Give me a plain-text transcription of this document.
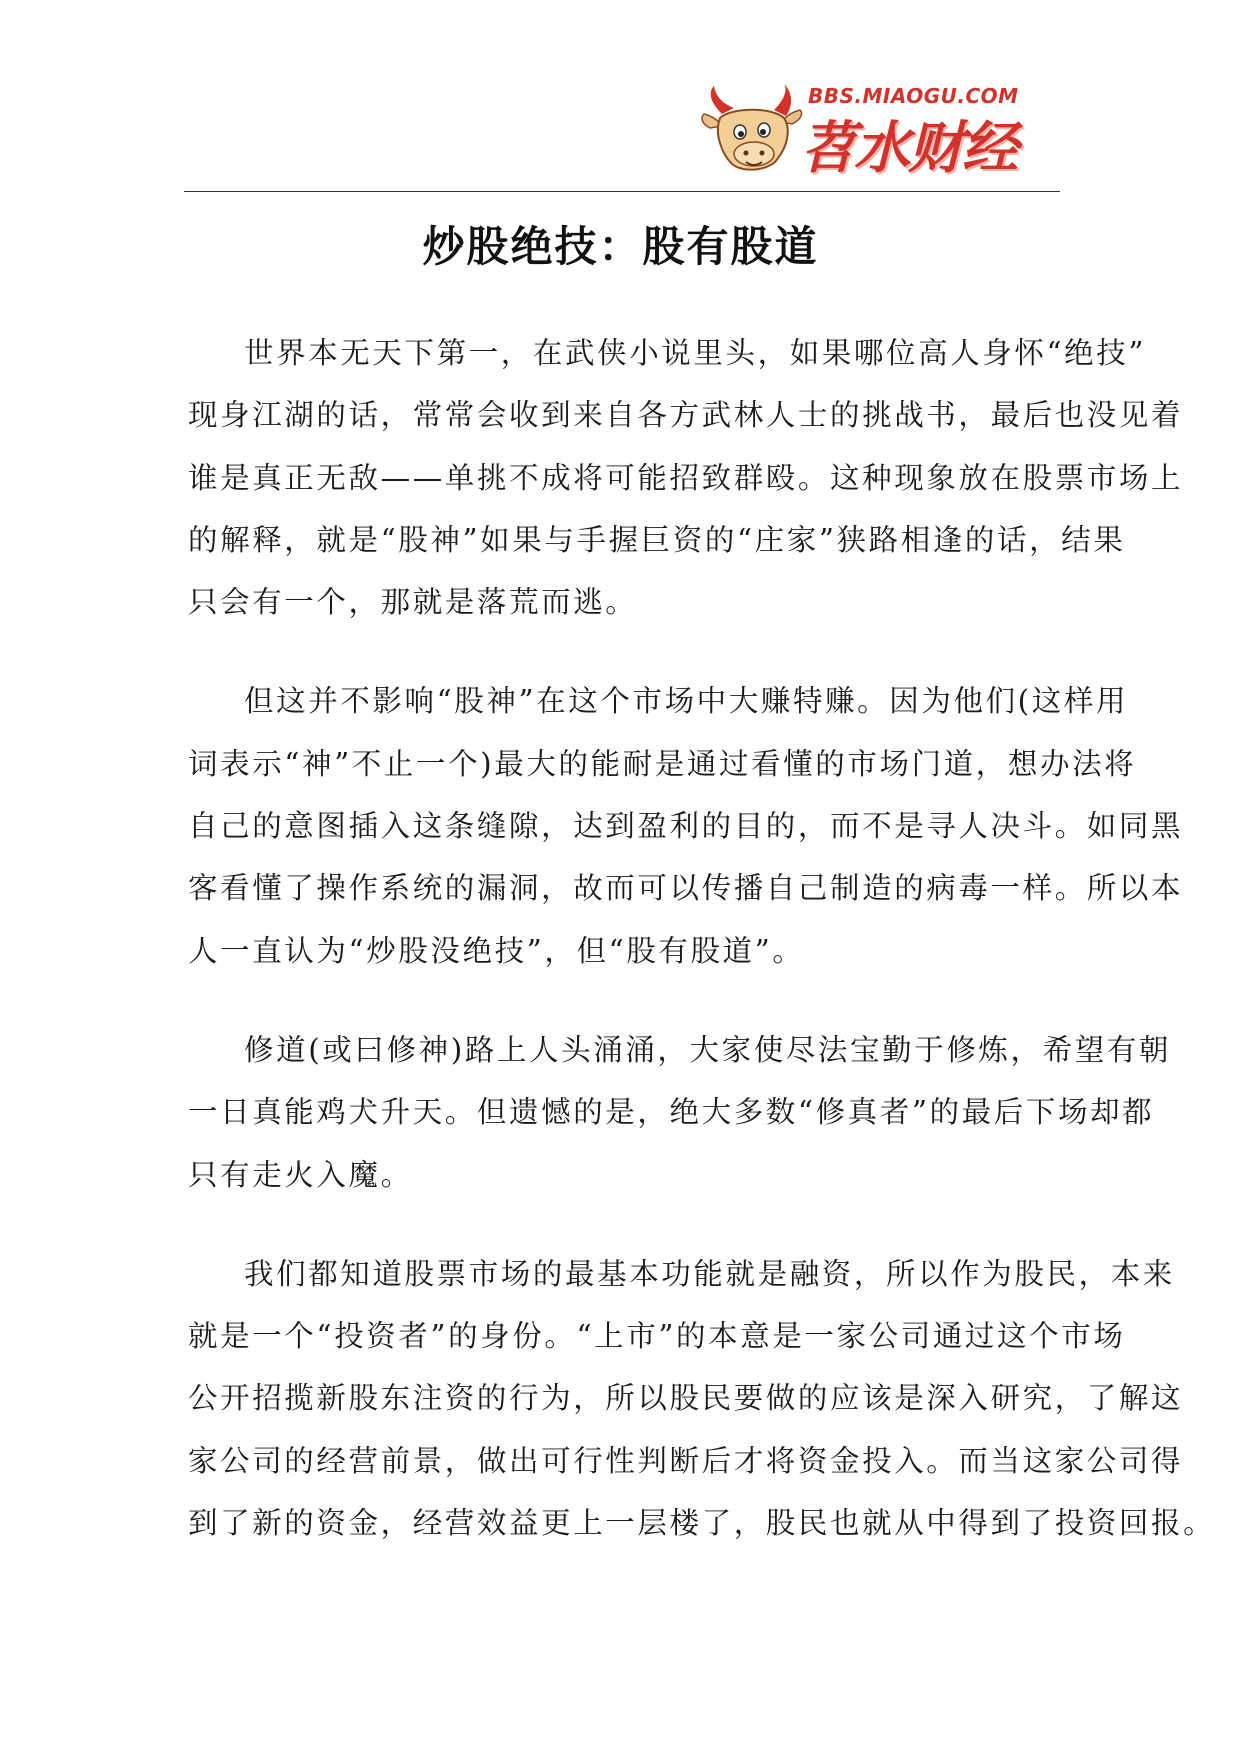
BBS.MIAOGU.COM
苕水财经
炒股绝技：股有股道
世界本无天下第一，在武侠小说里头，如果哪位高人身怀“绝技”
现身江湖的话，常常会收到来自各方武林人士的挑战书，最后也没见着
谁是真正无敌——单挑不成将可能招致群殴。这种现象放在股票市场上
的解释，就是“股神”如果与手握巨资的“庄家”狭路相逢的话，结果
只会有一个，那就是落荒而逃。
但这并不影响“股神”在这个市场中大赚特赚。因为他们(这样用
词表示“神”不止一个)最大的能耐是通过看懂的市场门道，想办法将
自己的意图插入这条缝隙，达到盈利的目的，而不是寻人决斗。如同黑
客看懂了操作系统的漏洞，故而可以传播自己制造的病毒一样。所以本
人一直认为“炒股没绝技”，但“股有股道”。
修道(或曰修神)路上人头涌涌，大家使尽法宝勤于修炼，希望有朝
一日真能鸡犬升天。但遗憾的是，绝大多数“修真者”的最后下场却都
只有走火入魔。
我们都知道股票市场的最基本功能就是融资，所以作为股民，本来
就是一个“投资者”的身份。“上市”的本意是一家公司通过这个市场
公开招揽新股东注资的行为，所以股民要做的应该是深入研究，了解这
家公司的经营前景，做出可行性判断后才将资金投入。而当这家公司得
到了新的资金，经营效益更上一层楼了，股民也就从中得到了投资回报。
